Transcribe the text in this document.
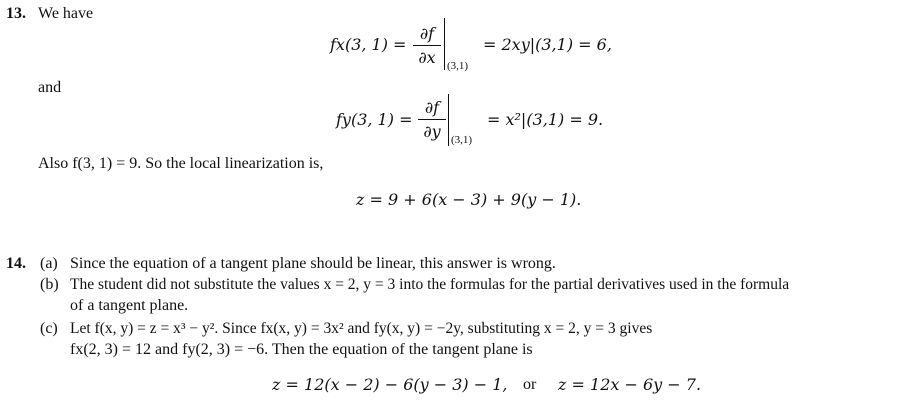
13. We have
fx(3, 1) =
∂f
∂x	(3,1)
= 2xy|(3,1) = 6,
and
fy(3, 1) =
∂f
∂y (3,1)
= x²|(3,1) = 9.
Also f(3, 1) = 9. So the local linearization is,
z = 9 + 6(x − 3) + 9(y − 1).
14. (a) Since the equation of a tangent plane should be linear, this answer is wrong.
(b) The student did not substitute the values x = 2, y = 3 into the formulas for the partial derivatives used in the formula
of a tangent plane.
(c) Let f(x, y) = z = x³ − y². Since fx(x, y) = 3x² and fy(x, y) = −2y, substituting x = 2, y = 3 gives
fx(2, 3) = 12 and fy(2, 3) = −6. Then the equation of the tangent plane is
z = 12(x − 2) − 6(y − 3) − 1, or z = 12x − 6y − 7.
